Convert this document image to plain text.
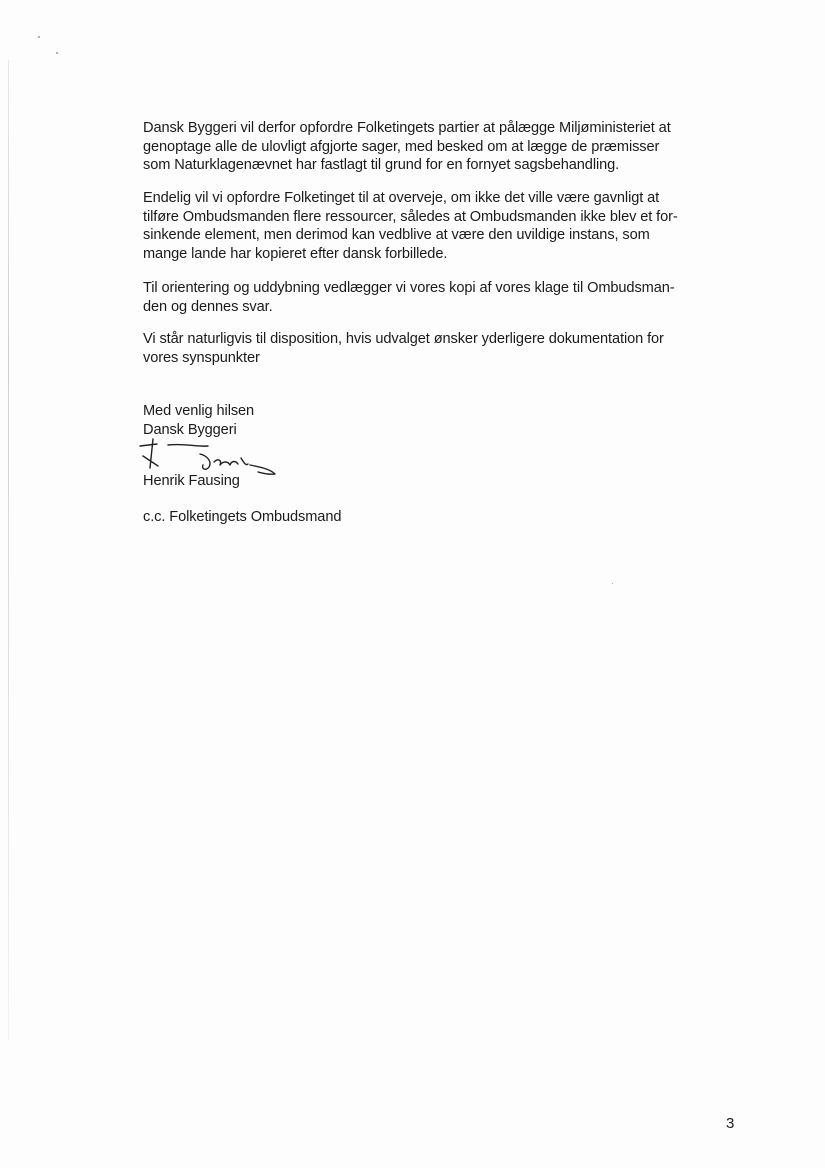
Dansk Byggeri vil derfor opfordre Folketingets partier at pålægge Miljøministeriet at
genoptage alle de ulovligt afgjorte sager, med besked om at lægge de præmisser
som Naturklagenævnet har fastlagt til grund for en fornyet sagsbehandling.

Endelig vil vi opfordre Folketinget til at overveje, om ikke det ville være gavnligt at
tilføre Ombudsmanden flere ressourcer, således at Ombudsmanden ikke blev et for-
sinkende element, men derimod kan vedblive at være den uvildige instans, som
mange lande har kopieret efter dansk forbillede.

Til orientering og uddybning vedlægger vi vores kopi af vores klage til Ombudsman-
den og dennes svar.

Vi står naturligvis til disposition, hvis udvalget ønsker yderligere dokumentation for
vores synspunkter

Med venlig hilsen
Dansk Byggeri
Henrik Fausing
c.c. Folketingets Ombudsmand
3
